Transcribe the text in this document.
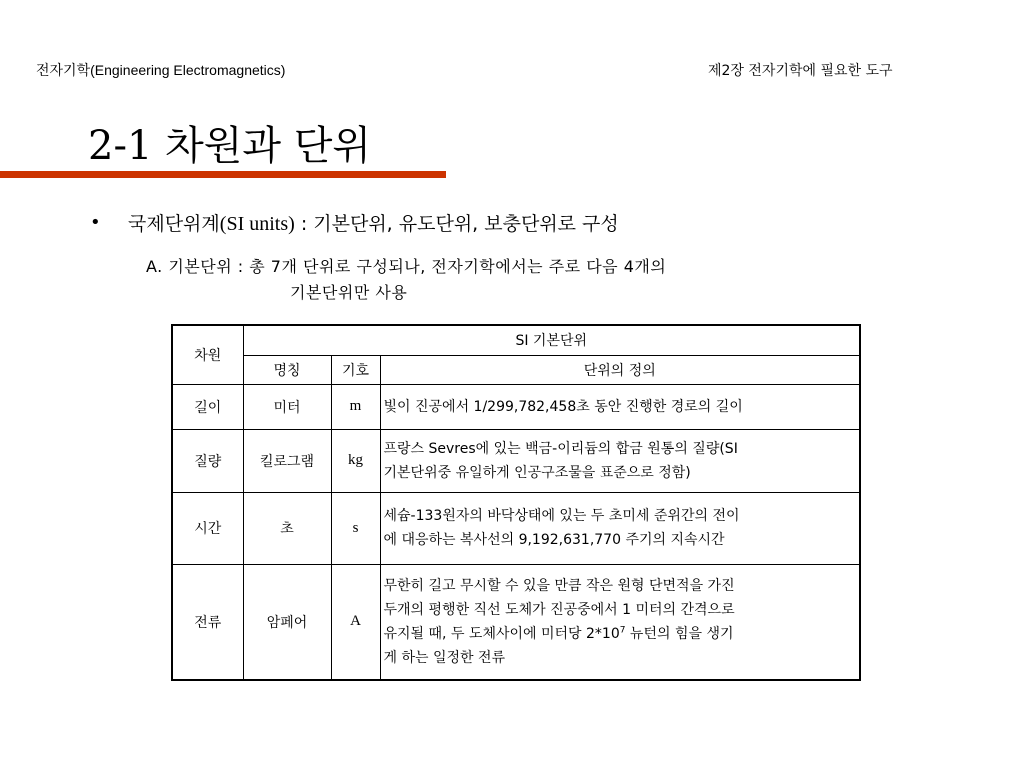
전자기학(Engineering Electromagnetics)	제2장 전자기학에 필요한 도구
2-1 차원과 단위
• 국제단위계(SI units) : 기본단위, 유도단위, 보충단위로 구성
A. 기본단위 : 총 7개 단위로 구성되나, 전자기학에서는 주로 다음 4개의
기본단위만 사용
차원	SI 기본단위		
	명칭	기호	단위의 정의
길이	미터	m	빛이 진공에서 1/299,782,458초 동안 진행한 경로의 길이
질량	킬로그램	kg	프랑스 Sevres에 있는 백금-이리듐의 합금 원통의 질량(SI
기본단위중 유일하게 인공구조물을 표준으로 정함)

시간	초	s	세슘-133원자의 바닥상태에 있는 두 초미세 준위간의 전이
에 대응하는 복사선의 9,192,631,770 주기의 지속시간

전류	암페어	A	무한히 길고 무시할 수 있을 만큼 작은 원형 단면적을 가진
두개의 평행한 직선 도체가 진공중에서 1 미터의 간격으로
유지될 때, 두 도체사이에 미터당 $2*10^7$ 뉴턴의 힘을 생기
게 하는 일정한 전류
